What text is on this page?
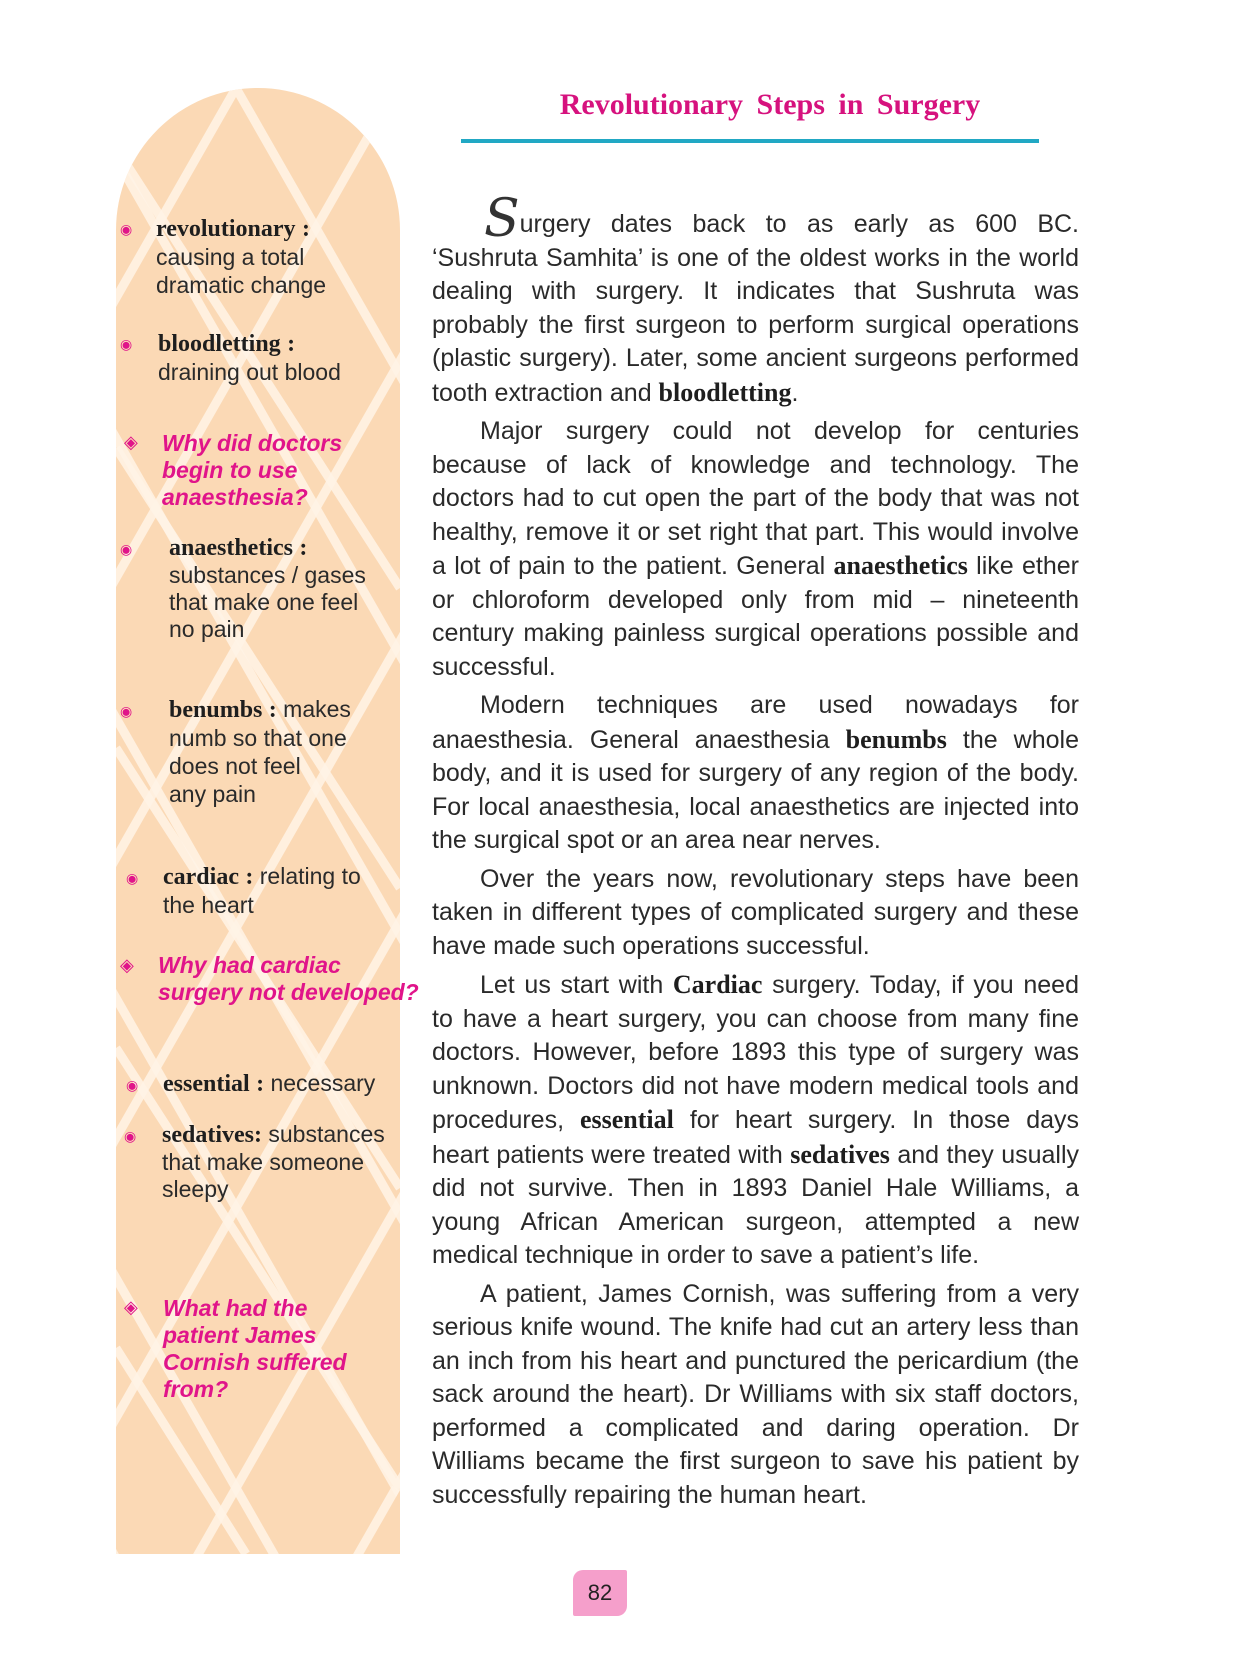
◉ revolutionary :
causing a total
dramatic change
◉ bloodletting :
draining out blood
◈ Why did doctors
begin to use
anaesthesia?
◉ anaesthetics :
substances / gases
that make one feel
no pain
◉ benumbs : makes
numb so that one
does not feel
any pain
◉ cardiac : relating to
the heart
◈ Why had cardiac
surgery not developed?
◉ essential : necessary
◉ sedatives: substances
that make someone
sleepy
◈ What had the
patient James
Cornish suffered
from?
Revolutionary Steps in Surgery

Surgery dates back to as early as 600 BC. ‘Sushruta Samhita’ is one of the oldest works in the world dealing with surgery. It indicates that Sushruta was probably the first surgeon to perform surgical operations (plastic surgery). Later, some ancient surgeons performed tooth extraction and bloodletting.

Major surgery could not develop for centuries because of lack of knowledge and technology. The doctors had to cut open the part of the body that was not healthy, remove it or set right that part. This would involve a lot of pain to the patient. General anaesthetics like ether or chloroform developed only from mid – nineteenth century making painless surgical operations possible and successful.

Modern techniques are used nowadays for anaesthesia. General anaesthesia benumbs the whole body, and it is used for surgery of any region of the body. For local anaesthesia, local anaesthetics are injected into the surgical spot or an area near nerves.

Over the years now, revolutionary steps have been taken in different types of complicated surgery and these have made such operations successful.

Let us start with Cardiac surgery. Today, if you need to have a heart surgery, you can choose from many fine doctors. However, before 1893 this type of surgery was unknown. Doctors did not have modern medical tools and procedures, essential for heart surgery. In those days heart patients were treated with sedatives and they usually did not survive. Then in 1893 Daniel Hale Williams, a young African American surgeon, attempted a new medical technique in order to save a patient’s life.

A patient, James Cornish, was suffering from a very serious knife wound. The knife had cut an artery less than an inch from his heart and punctured the pericardium (the sack around the heart). Dr Williams with six staff doctors, performed a complicated and daring operation. Dr Williams became the first surgeon to save his patient by successfully repairing the human heart.

82
